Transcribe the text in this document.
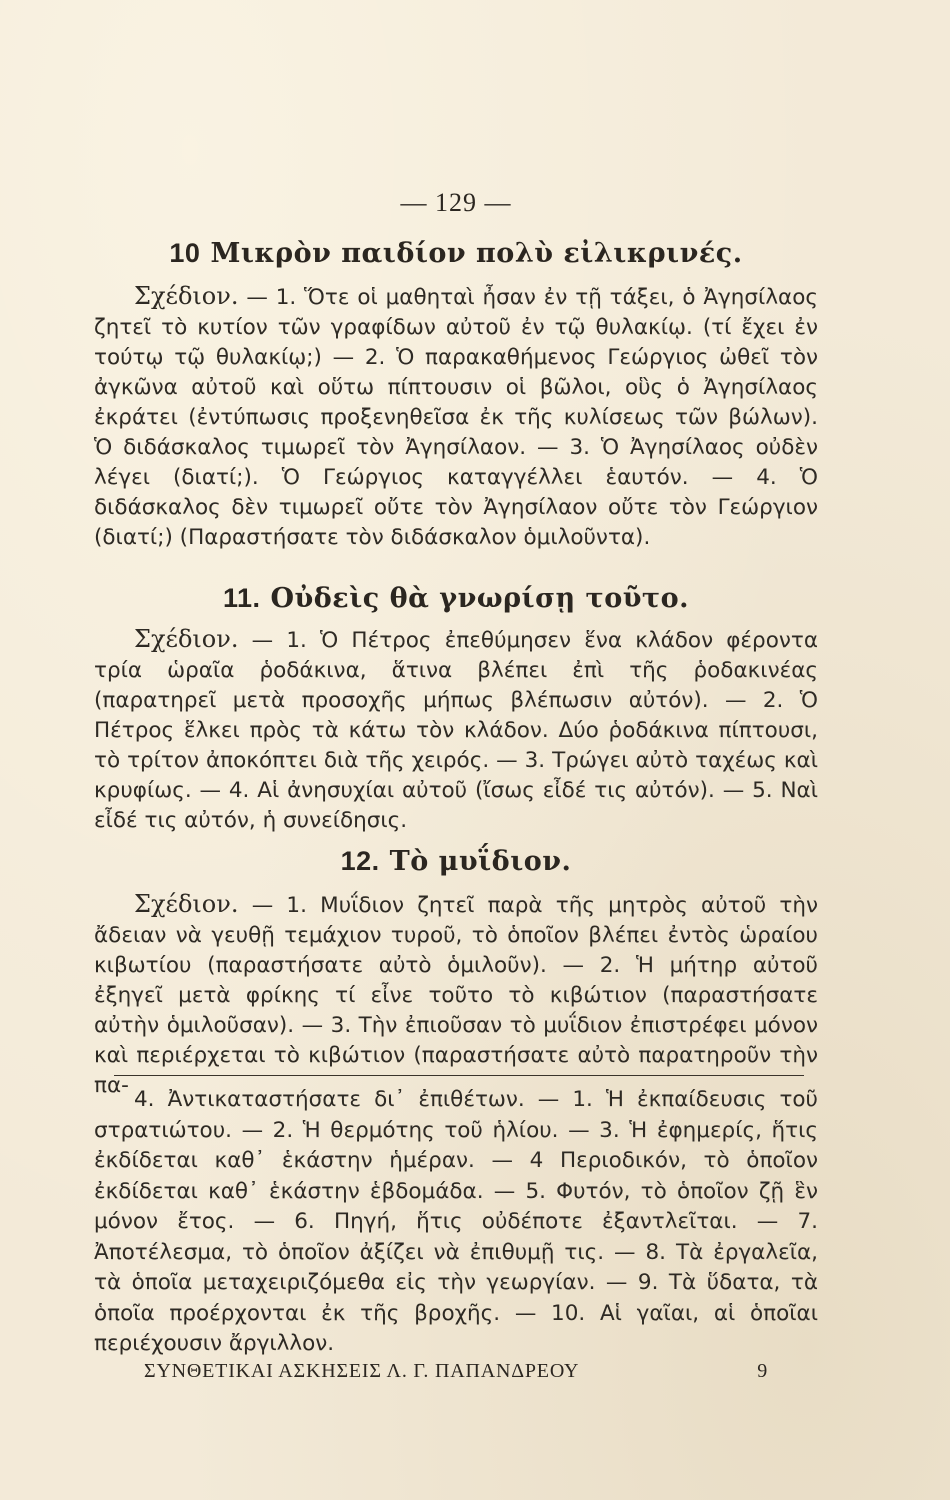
— 129 —
10 Μικρὸν παιδίον πολὺ εἰλικρινές.

Σχέδιον. — 1. Ὅτε οἱ μαθηταὶ ἦσαν ἐν τῇ τάξει, ὁ Ἀγησίλαος ζητεῖ τὸ κυτίον τῶν γραφίδων αὐτοῦ ἐν τῷ θυλακίῳ. (τί ἔχει ἐν τούτῳ τῷ θυλακίῳ;) — 2. Ὁ παρακαθήμενος Γεώργιος ὠθεῖ τὸν ἀγκῶνα αὐτοῦ καὶ οὕτω πίπτουσιν οἱ βῶλοι, οὓς ὁ Ἀγησίλαος ἐκράτει (ἐντύπωσις προξενηθεῖσα ἐκ τῆς κυλίσεως τῶν βώλων). Ὁ διδάσκαλος τιμωρεῖ τὸν Ἀγησίλαον. — 3. Ὁ Ἀγησίλαος οὐδὲν λέγει (διατί;). Ὁ Γεώργιος καταγγέλλει ἑαυτόν. — 4. Ὁ διδάσκαλος δὲν τιμωρεῖ οὔτε τὸν Ἀγησίλαον οὔτε τὸν Γεώργιον (διατί;) (Παραστήσατε τὸν διδάσκαλον ὁμιλοῦντα).

11. Οὐδεὶς θὰ γνωρίσῃ τοῦτο.

Σχέδιον. — 1. Ὁ Πέτρος ἐπεθύμησεν ἕνα κλάδον φέροντα τρία ὡραῖα ῥοδάκινα, ἅτινα βλέπει ἐπὶ τῆς ῥοδακινέας (παρατηρεῖ μετὰ προσοχῆς μήπως βλέπωσιν αὐτόν). — 2. Ὁ Πέτρος ἕλκει πρὸς τὰ κάτω τὸν κλάδον. Δύο ῥοδάκινα πίπτουσι, τὸ τρίτον ἀποκόπτει διὰ τῆς χειρός. — 3. Τρώγει αὐτὸ ταχέως καὶ κρυφίως. — 4. Αἱ ἀνησυχίαι αὐτοῦ (ἴσως εἶδέ τις αὐτόν). — 5. Ναὶ εἶδέ τις αὐτόν, ἡ συνείδησις.

12. Τὸ μυΐδιον.

Σχέδιον. — 1. Μυΐδιον ζητεῖ παρὰ τῆς μητρὸς αὐτοῦ τὴν ἄδειαν νὰ γευθῇ τεμάχιον τυροῦ, τὸ ὁποῖον βλέπει ἐντὸς ὡραίου κιβωτίου (παραστήσατε αὐτὸ ὁμιλοῦν). — 2. Ἡ μήτηρ αὐτοῦ ἐξηγεῖ μετὰ φρίκης τί εἶνε τοῦτο τὸ κιβώτιον (παραστήσατε αὐτὴν ὁμιλοῦσαν). — 3. Τὴν ἐπιοῦσαν τὸ μυΐδιον ἐπιστρέφει μόνον καὶ περιέρχεται τὸ κιβώτιον (παραστήσατε αὐτὸ παρατηροῦν τὴν πα-

4. Ἀντικαταστήσατε δι᾿ ἐπιθέτων. — 1. Ἡ ἐκπαίδευσις τοῦ στρατιώτου. — 2. Ἡ θερμότης τοῦ ἡλίου. — 3. Ἡ ἐφημερίς, ἥτις ἐκδίδεται καθ᾿ ἑκάστην ἡμέραν. — 4 Περιοδικόν, τὸ ὁποῖον ἐκδίδεται καθ᾿ ἑκάστην ἑβδομάδα. — 5. Φυτόν, τὸ ὁποῖον ζῇ ἓν μόνον ἔτος. — 6. Πηγή, ἥτις οὐδέποτε ἐξαντλεῖται. — 7. Ἀποτέλεσμα, τὸ ὁποῖον ἀξίζει νὰ ἐπιθυμῇ τις. — 8. Τὰ ἐργαλεῖα, τὰ ὁποῖα μεταχειριζόμεθα εἰς τὴν γεωργίαν. — 9. Τὰ ὕδατα, τὰ ὁποῖα προέρχονται ἐκ τῆς βροχῆς. — 10. Αἱ γαῖαι, αἱ ὁποῖαι περιέχουσιν ἄργιλλον.

ΣΥΝΘΕΤΙΚΑΙ ΑΣΚΗΣΕΙΣ Λ. Γ. ΠΑΠΑΝΔΡΕΟΥ	9
